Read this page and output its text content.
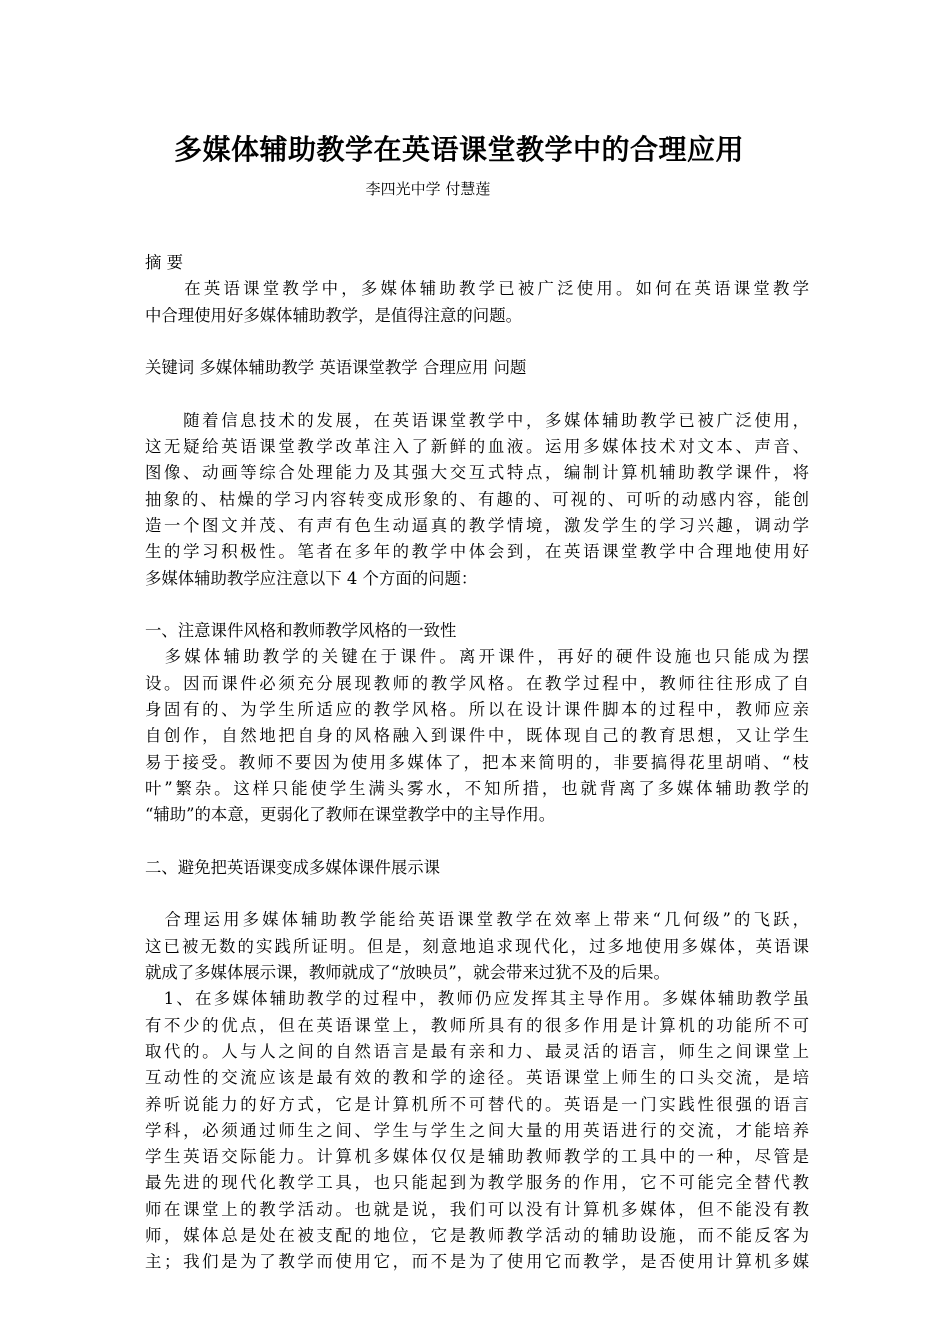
多媒体辅助教学在英语课堂教学中的合理应用
李四光中学 付慧莲
摘 要

　　在英语课堂教学中，多媒体辅助教学已被广泛使用。如何在英语课堂教学
中合理使用好多媒体辅助教学，是值得注意的问题。

关键词 多媒体辅助教学 英语课堂教学 合理应用 问题

　　随着信息技术的发展，在英语课堂教学中，多媒体辅助教学已被广泛使用，
这无疑给英语课堂教学改革注入了新鲜的血液。运用多媒体技术对文本、声音、
图像、动画等综合处理能力及其强大交互式特点，编制计算机辅助教学课件，将
抽象的、枯燥的学习内容转变成形象的、有趣的、可视的、可听的动感内容，能创
造一个图文并茂、有声有色生动逼真的教学情境，激发学生的学习兴趣，调动学
生的学习积极性。笔者在多年的教学中体会到，在英语课堂教学中合理地使用好
多媒体辅助教学应注意以下 4 个方面的问题：

一、注意课件风格和教师教学风格的一致性

　多媒体辅助教学的关键在于课件。离开课件，再好的硬件设施也只能成为摆
设。因而课件必须充分展现教师的教学风格。在教学过程中，教师往往形成了自
身固有的、为学生所适应的教学风格。所以在设计课件脚本的过程中，教师应亲
自创作，自然地把自身的风格融入到课件中，既体现自己的教育思想，又让学生
易于接受。教师不要因为使用多媒体了，把本来简明的，非要搞得花里胡哨、“枝
叶”繁杂。这样只能使学生满头雾水，不知所措，也就背离了多媒体辅助教学的
“辅助”的本意，更弱化了教师在课堂教学中的主导作用。

二、避免把英语课变成多媒体课件展示课

　合理运用多媒体辅助教学能给英语课堂教学在效率上带来“几何级”的飞跃，
这已被无数的实践所证明。但是，刻意地追求现代化，过多地使用多媒体，英语课
就成了多媒体展示课，教师就成了“放映员”，就会带来过犹不及的后果。
　1、在多媒体辅助教学的过程中，教师仍应发挥其主导作用。多媒体辅助教学虽
有不少的优点，但在英语课堂上，教师所具有的很多作用是计算机的功能所不可
取代的。人与人之间的自然语言是最有亲和力、最灵活的语言，师生之间课堂上
互动性的交流应该是最有效的教和学的途径。英语课堂上师生的口头交流，是培
养听说能力的好方式，它是计算机所不可替代的。英语是一门实践性很强的语言
学科，必须通过师生之间、学生与学生之间大量的用英语进行的交流，才能培养
学生英语交际能力。计算机多媒体仅仅是辅助教师教学的工具中的一种，尽管是
最先进的现代化教学工具，也只能起到为教学服务的作用，它不可能完全替代教
师在课堂上的教学活动。也就是说，我们可以没有计算机多媒体，但不能没有教
师，媒体总是处在被支配的地位，它是教师教学活动的辅助设施，而不能反客为
主；我们是为了教学而使用它，而不是为了使用它而教学，是否使用计算机多媒
